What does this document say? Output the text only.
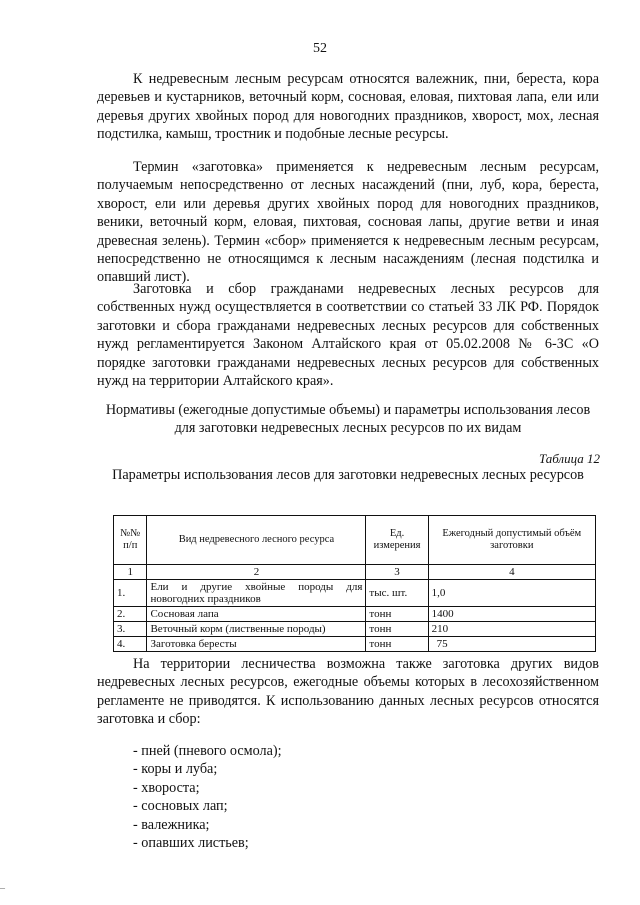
52

К недревесным лесным ресурсам относятся валежник, пни, береста, кора деревьев и кустарников, веточный корм, сосновая, еловая, пихтовая лапа, ели или деревья других хвойных пород для новогодних праздников, хворост, мох, лесная подстилка, камыш, тростник и подобные лесные ресурсы.

Термин «заготовка» применяется к недревесным лесным ресурсам, получаемым непосредственно от лесных насаждений (пни, луб, кора, береста, хворост, ели или деревья других хвойных пород для новогодних праздников, веники, веточный корм, еловая, пихтовая, сосновая лапы, другие ветви и иная древесная зелень). Термин «сбор» применяется к недревесным лесным ресурсам, непосредственно не относящимся к лесным насаждениям (лесная подстилка и опавший лист).

Заготовка и сбор гражданами недревесных лесных ресурсов для собственных нужд осуществляется в соответствии со статьей 33 ЛК РФ. Порядок заготовки и сбора гражданами недревесных лесных ресурсов для собственных нужд регламентируется Законом Алтайского края от 05.02.2008 № 6-ЗС «О порядке заготовки гражданами недревесных лесных ресурсов для собственных нужд на территории Алтайского края».

Нормативы (ежегодные допустимые объемы) и параметры использования лесов для заготовки недревесных лесных ресурсов по их видам
Таблица 12
Параметры использования лесов для заготовки недревесных лесных ресурсов
№№ п/п	Вид недревесного лесного ресурса	Ед. измерения	Ежегодный допустимый объём заготовки
1	2	3	4
1.	Ели и другие хвойные породы для новогодних праздников	тыс. шт.	1,0
2.	Сосновая лапа	тонн	1400
3.	Веточный корм (лиственные породы)	тонн	210
4.	Заготовка бересты	тонн	75

На территории лесничества возможна также заготовка других видов недревесных лесных ресурсов, ежегодные объемы которых в лесохозяйственном регламенте не приводятся. К использованию данных лесных ресурсов относятся заготовка и сбор:

- пней (пневого осмола);
- коры и луба;
- хвороста;
- сосновых лап;
- валежника;
- опавших листьев;
–
